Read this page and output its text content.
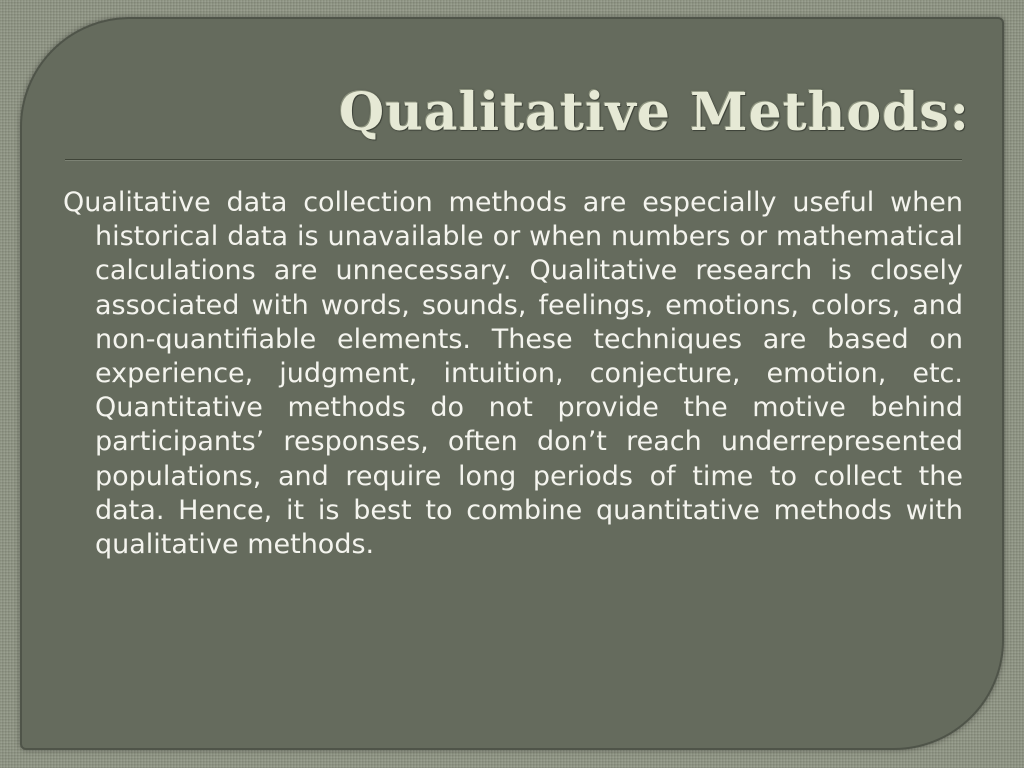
Qualitative Methods:

Qualitative data collection methods are especially useful when historical data is unavailable or when numbers or mathematical calculations are unnecessary. Qualitative research is closely associated with words, sounds, feelings, emotions, colors, and non-quantifiable elements. These techniques are based on experience, judgment, intuition, conjecture, emotion, etc. Quantitative methods do not provide the motive behind participants’ responses, often don’t reach underrepresented populations, and require long periods of time to collect the data. Hence, it is best to combine quantitative methods with qualitative methods.
